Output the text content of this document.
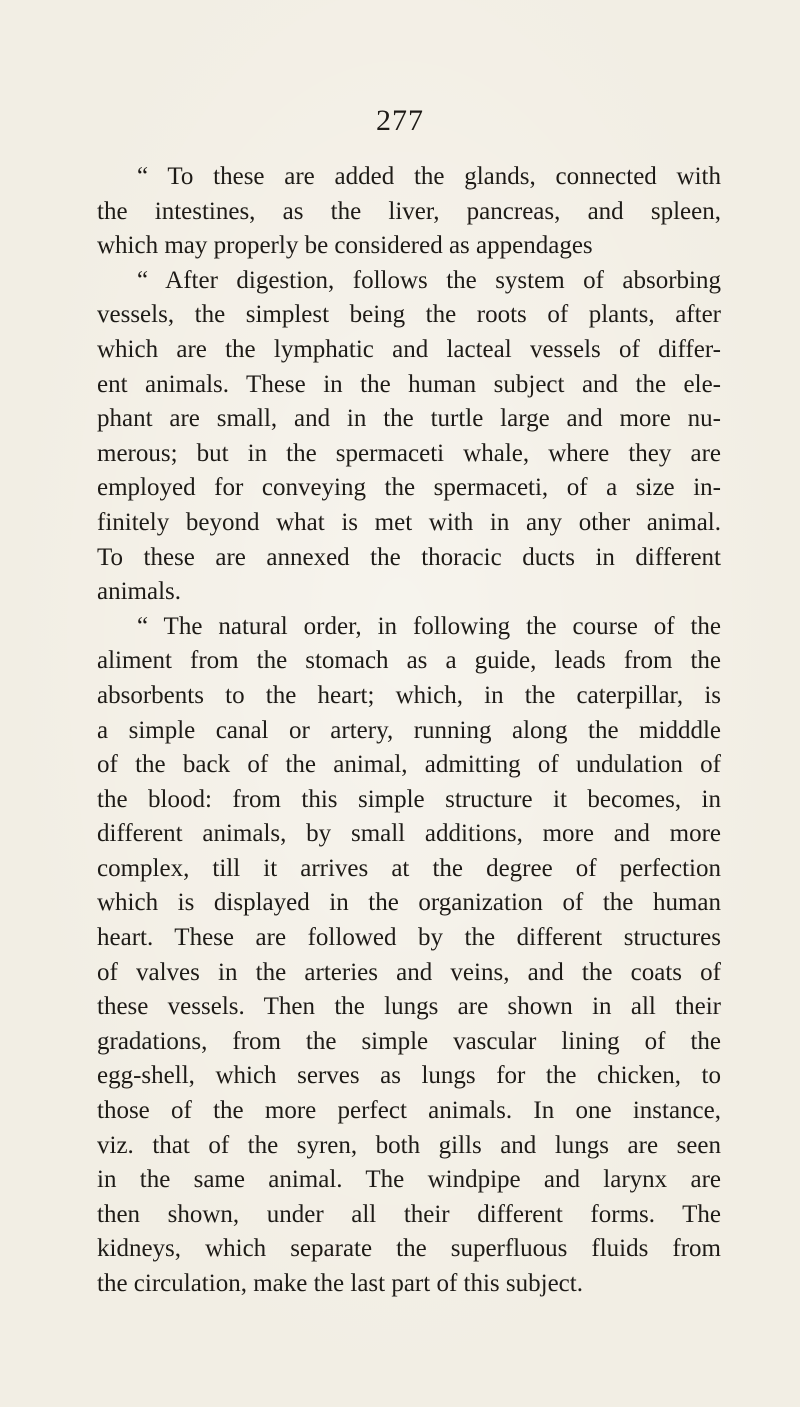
277
“ To these are added the glands, connected with
the intestines, as the liver, pancreas, and spleen,
which may properly be considered as appendages
“ After digestion, follows the system of absorbing
vessels, the simplest being the roots of plants, after
which are the lymphatic and lacteal vessels of differ-
ent animals. These in the human subject and the ele-
phant are small, and in the turtle large and more nu-
merous; but in the spermaceti whale, where they are
employed for conveying the spermaceti, of a size in-
finitely beyond what is met with in any other animal.
To these are annexed the thoracic ducts in different
animals.
“ The natural order, in following the course of the
aliment from the stomach as a guide, leads from the
absorbents to the heart; which, in the caterpillar, is
a simple canal or artery, running along the midddle
of the back of the animal, admitting of undulation of
the blood: from this simple structure it becomes, in
different animals, by small additions, more and more
complex, till it arrives at the degree of perfection
which is displayed in the organization of the human
heart. These are followed by the different structures
of valves in the arteries and veins, and the coats of
these vessels. Then the lungs are shown in all their
gradations, from the simple vascular lining of the
egg-shell, which serves as lungs for the chicken, to
those of the more perfect animals. In one instance,
viz. that of the syren, both gills and lungs are seen
in the same animal. The windpipe and larynx are
then shown, under all their different forms. The
kidneys, which separate the superfluous fluids from
the circulation, make the last part of this subject.
